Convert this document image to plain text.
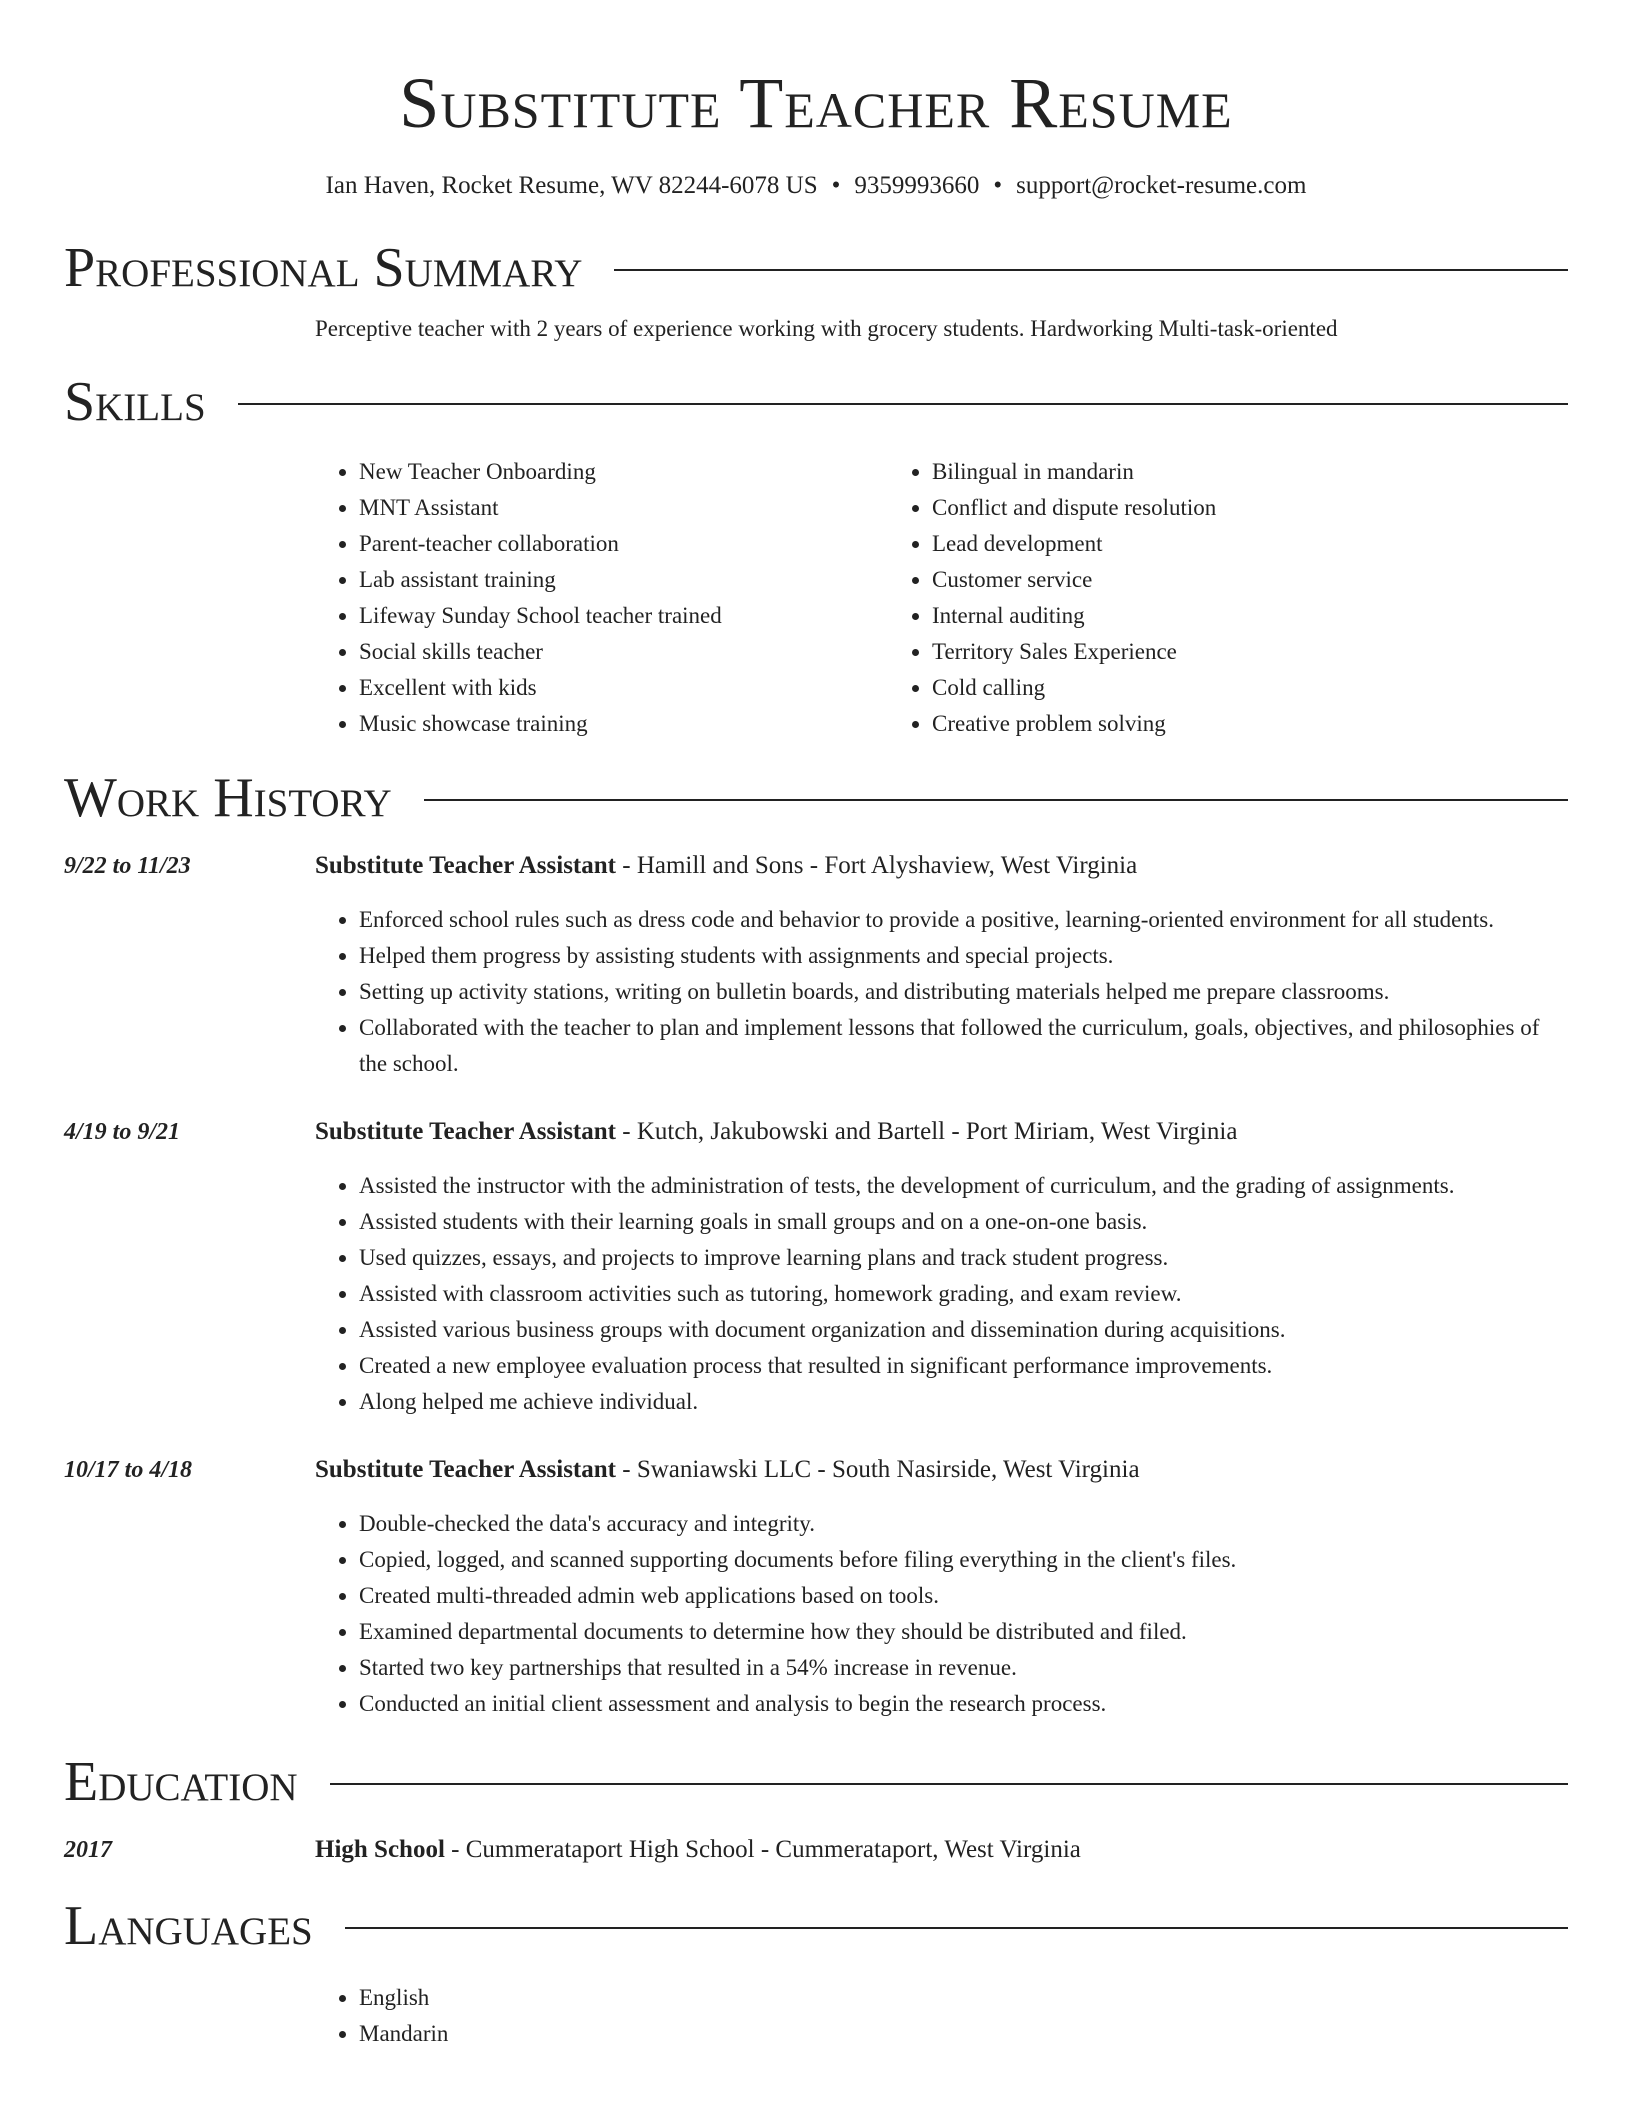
Substitute Teacher Resume
Ian Haven, Rocket Resume, WV 82244-6078 US • 9359993660 • support@rocket-resume.com
Professional Summary
Perceptive teacher with 2 years of experience working with grocery students. Hardworking Multi-task-oriented
Skills
• New Teacher Onboarding
• MNT Assistant
• Parent-teacher collaboration
• Lab assistant training
• Lifeway Sunday School teacher trained
• Social skills teacher
• Excellent with kids
• Music showcase training
• Bilingual in mandarin
• Conflict and dispute resolution
• Lead development
• Customer service
• Internal auditing
• Territory Sales Experience
• Cold calling
• Creative problem solving
Work History
9/22 to 11/23	Substitute Teacher Assistant - Hamill and Sons - Fort Alyshaview, West Virginia
• Enforced school rules such as dress code and behavior to provide a positive, learning-oriented environment for all students.
• Helped them progress by assisting students with assignments and special projects.
• Setting up activity stations, writing on bulletin boards, and distributing materials helped me prepare classrooms.
• Collaborated with the teacher to plan and implement lessons that followed the curriculum, goals, objectives, and philosophies of the school.
4/19 to 9/21	Substitute Teacher Assistant - Kutch, Jakubowski and Bartell - Port Miriam, West Virginia
• Assisted the instructor with the administration of tests, the development of curriculum, and the grading of assignments.
• Assisted students with their learning goals in small groups and on a one-on-one basis.
• Used quizzes, essays, and projects to improve learning plans and track student progress.
• Assisted with classroom activities such as tutoring, homework grading, and exam review.
• Assisted various business groups with document organization and dissemination during acquisitions.
• Created a new employee evaluation process that resulted in significant performance improvements.
• Along helped me achieve individual.
10/17 to 4/18	Substitute Teacher Assistant - Swaniawski LLC - South Nasirside, West Virginia
• Double-checked the data's accuracy and integrity.
• Copied, logged, and scanned supporting documents before filing everything in the client's files.
• Created multi-threaded admin web applications based on tools.
• Examined departmental documents to determine how they should be distributed and filed.
• Started two key partnerships that resulted in a 54% increase in revenue.
• Conducted an initial client assessment and analysis to begin the research process.
Education
2017	High School - Cummerataport High School - Cummerataport, West Virginia
Languages
• English
• Mandarin
